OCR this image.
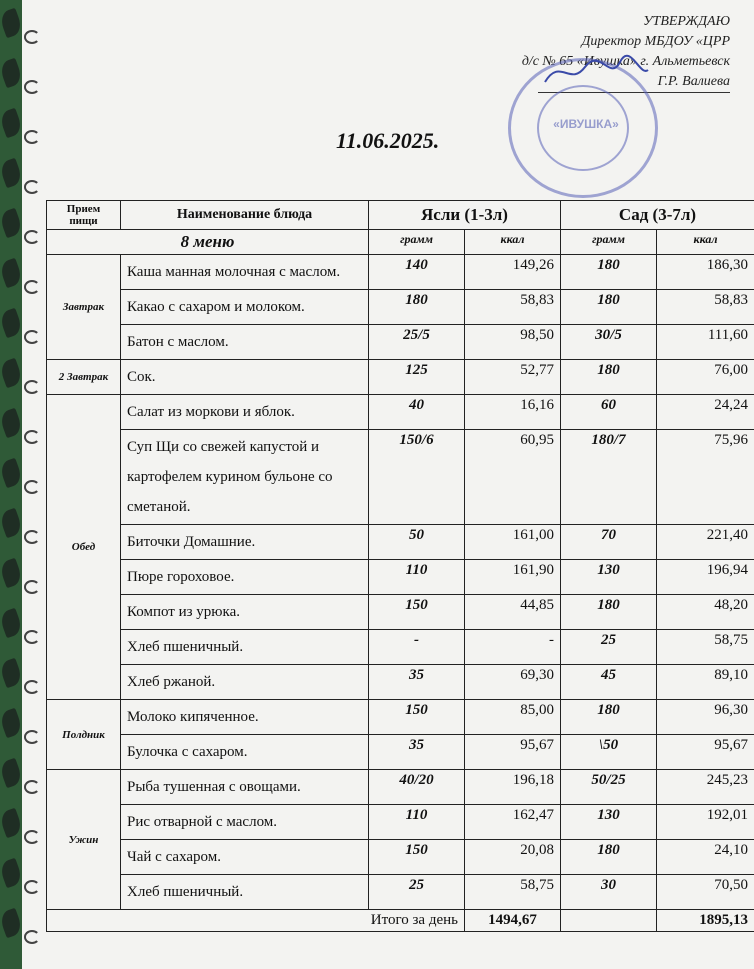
УТВЕРЖДАЮ
Директор МБДОУ «ЦРР
д/с № 65 «Ивушка» г. Альметьевск
Г.Р. Валиева
«ИВУШКА»
11.06.2025.
Прием пищи	Наименование блюда	Ясли (1-3л)		Сад (3-7л)	
8 меню		грамм	ккал	грамм	ккал
Завтрак	Каша манная молочная с маслом.	140	149,26	180	186,30
	Какао с сахаром и молоком.	180	58,83	180	58,83
	Батон с маслом.	25/5	98,50	30/5	111,60
2 Завтрак	Сок.	125	52,77	180	76,00
Обед	Салат из моркови и яблок.	40	16,16	60	24,24
	Суп Щи со свежей капустой и картофелем курином бульоне со сметаной.	150/6	60,95	180/7	75,96
	Биточки Домашние.	50	161,00	70	221,40
	Пюре гороховое.	110	161,90	130	196,94
	Компот из урюка.	150	44,85	180	48,20
	Хлеб пшеничный.	-	-	25	58,75
	Хлеб ржаной.	35	69,30	45	89,10
Полдник	Молоко кипяченное.	150	85,00	180	96,30
	Булочка с сахаром.	35	95,67	\50	95,67
Ужин	Рыба тушенная с овощами.	40/20	196,18	50/25	245,23
	Рис отварной с маслом.	110	162,47	130	192,01
	Чай с сахаром.	150	20,08	180	24,10
	Хлеб пшеничный.	25	58,75	30	70,50
Итого за день			1494,67		1895,13
